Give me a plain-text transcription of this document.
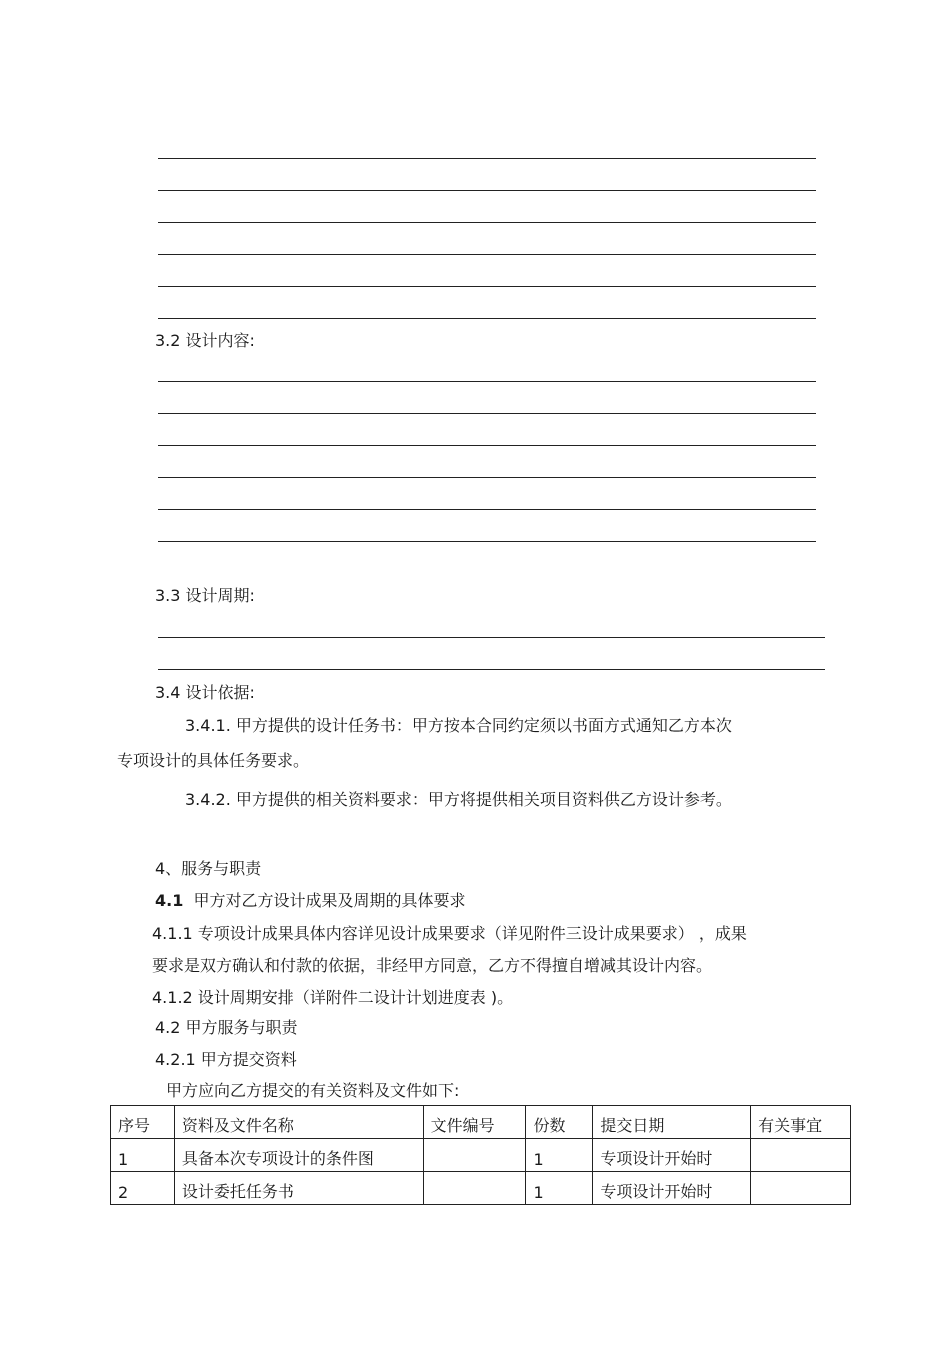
3.2 设计内容:
3.3 设计周期:
3.4 设计依据:
3.4.1. 甲方提供的设计任务书：甲方按本合同约定须以书面方式通知乙方本次
专项设计的具体任务要求。
3.4.2. 甲方提供的相关资料要求：甲方将提供相关项目资料供乙方设计参考。
4、服务与职责
4.1 甲方对乙方设计成果及周期的具体要求
4.1.1 专项设计成果具体内容详见设计成果要求（详见附件三设计成果要求） ，成果
要求是双方确认和付款的依据，非经甲方同意，乙方不得擅自增减其设计内容。
4.1.2 设计周期安排（详附件二设计计划进度表 )。
4.2 甲方服务与职责
4.2.1 甲方提交资料
甲方应向乙方提交的有关资料及文件如下:
序号	资料及文件名称	文件编号	份数	提交日期	有关事宜
1	具备本次专项设计的条件图		1	专项设计开始时	
2	设计委托任务书		1	专项设计开始时	
